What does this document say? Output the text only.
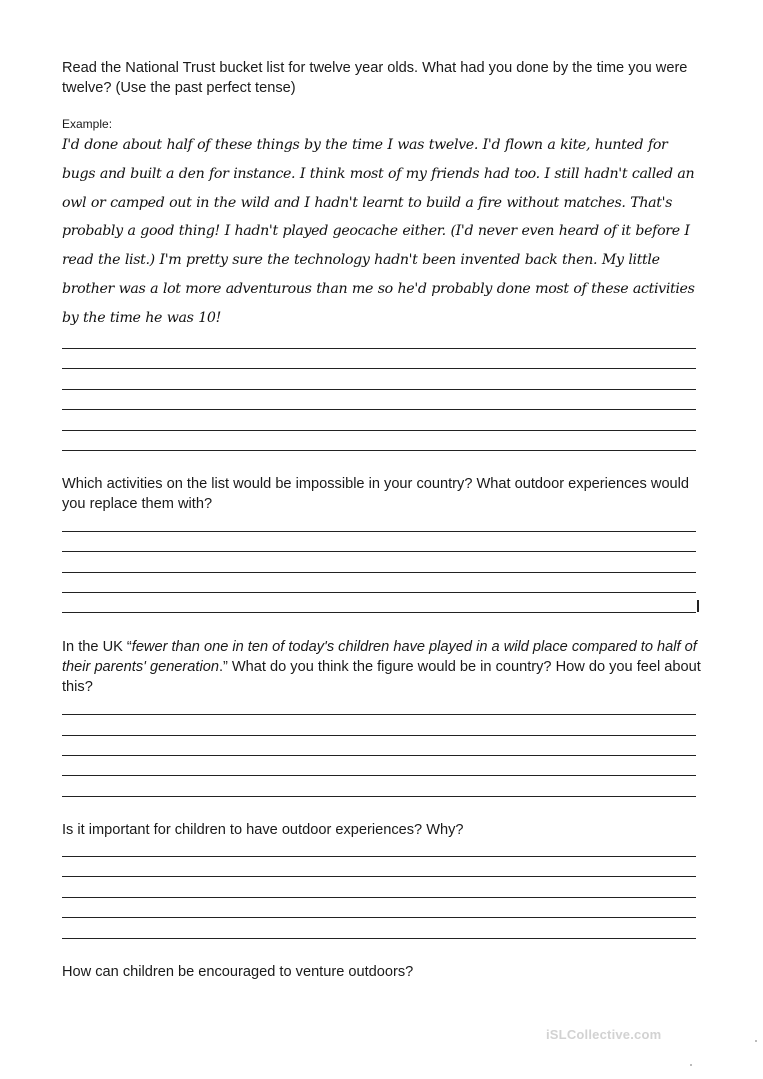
Read the National Trust bucket list for twelve year olds. What had you done by the time you were twelve? (Use the past perfect tense)

Example:

I'd done about half of these things by the time I was twelve. I'd flown a kite, hunted for bugs and built a den for instance. I think most of my friends had too. I still hadn't called an owl or camped out in the wild and I hadn't learnt to build a fire without matches. That's probably a good thing! I hadn't played geocache either. (I'd never even heard of it before I read the list.) I'm pretty sure the technology hadn't been invented back then. My little brother was a lot more adventurous than me so he'd probably done most of these activities by the time he was 10!

Which activities on the list would be impossible in your country? What outdoor experiences would you replace them with?

In the UK “fewer than one in ten of today's children have played in a wild place compared to half of their parents' generation.” What do you think the figure would be in country? How do you feel about this?

Is it important for children to have outdoor experiences? Why?

How can children be encouraged to venture outdoors?

iSLCollective.com
